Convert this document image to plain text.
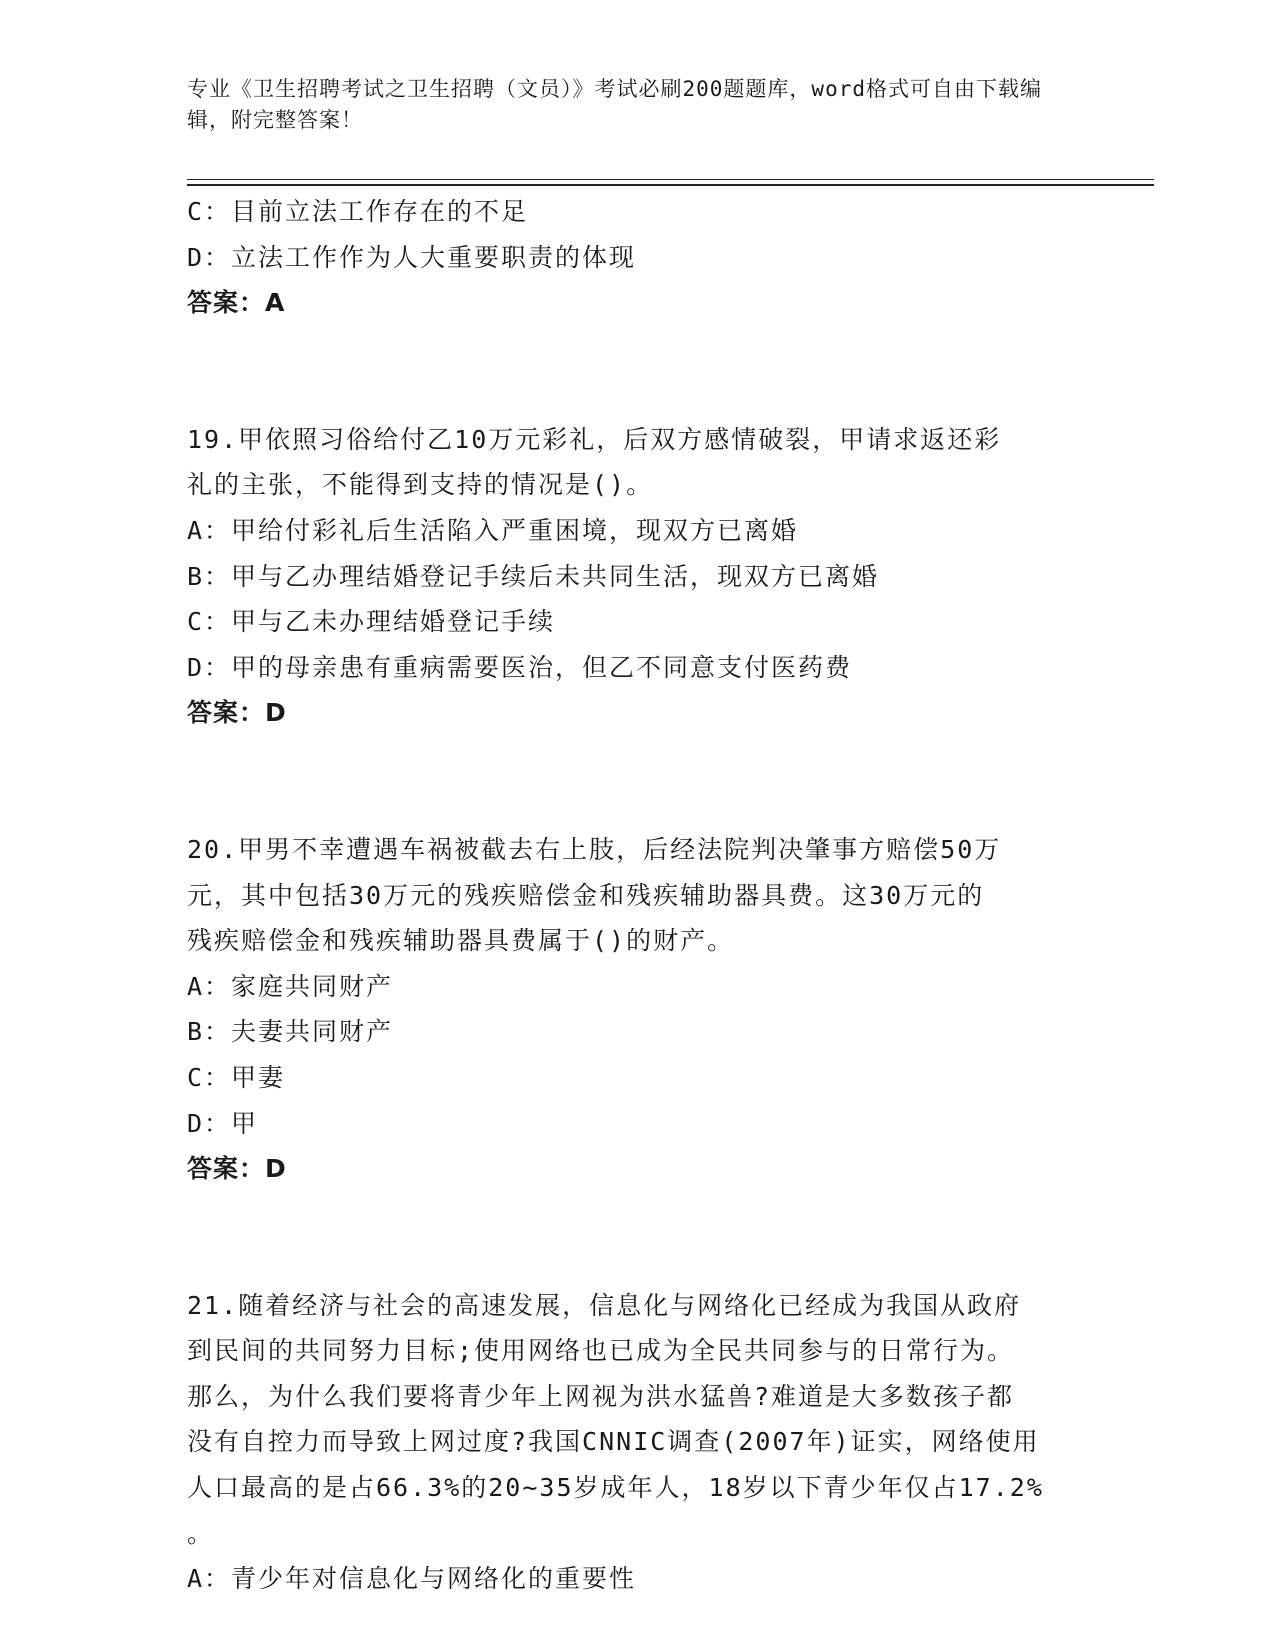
专业《卫生招聘考试之卫生招聘（文员）》考试必刷200题题库，word格式可自由下载编辑，附完整答案！
C：目前立法工作存在的不足
D：立法工作作为人大重要职责的体现
答案：A
19.甲依照习俗给付乙10万元彩礼，后双方感情破裂，甲请求返还彩
礼的主张，不能得到支持的情况是()。
A：甲给付彩礼后生活陷入严重困境，现双方已离婚
B：甲与乙办理结婚登记手续后未共同生活，现双方已离婚
C：甲与乙未办理结婚登记手续
D：甲的母亲患有重病需要医治，但乙不同意支付医药费
答案：D
20.甲男不幸遭遇车祸被截去右上肢，后经法院判决肇事方赔偿50万
元，其中包括30万元的残疾赔偿金和残疾辅助器具费。这30万元的
残疾赔偿金和残疾辅助器具费属于()的财产。
A：家庭共同财产
B：夫妻共同财产
C：甲妻
D：甲
答案：D
21.随着经济与社会的高速发展，信息化与网络化已经成为我国从政府
到民间的共同努力目标;使用网络也已成为全民共同参与的日常行为。
那么，为什么我们要将青少年上网视为洪水猛兽?难道是大多数孩子都
没有自控力而导致上网过度?我国CNNIC调查(2007年)证实，网络使用
人口最高的是占66.3%的20~35岁成年人，18岁以下青少年仅占17.2%
。
A：青少年对信息化与网络化的重要性
